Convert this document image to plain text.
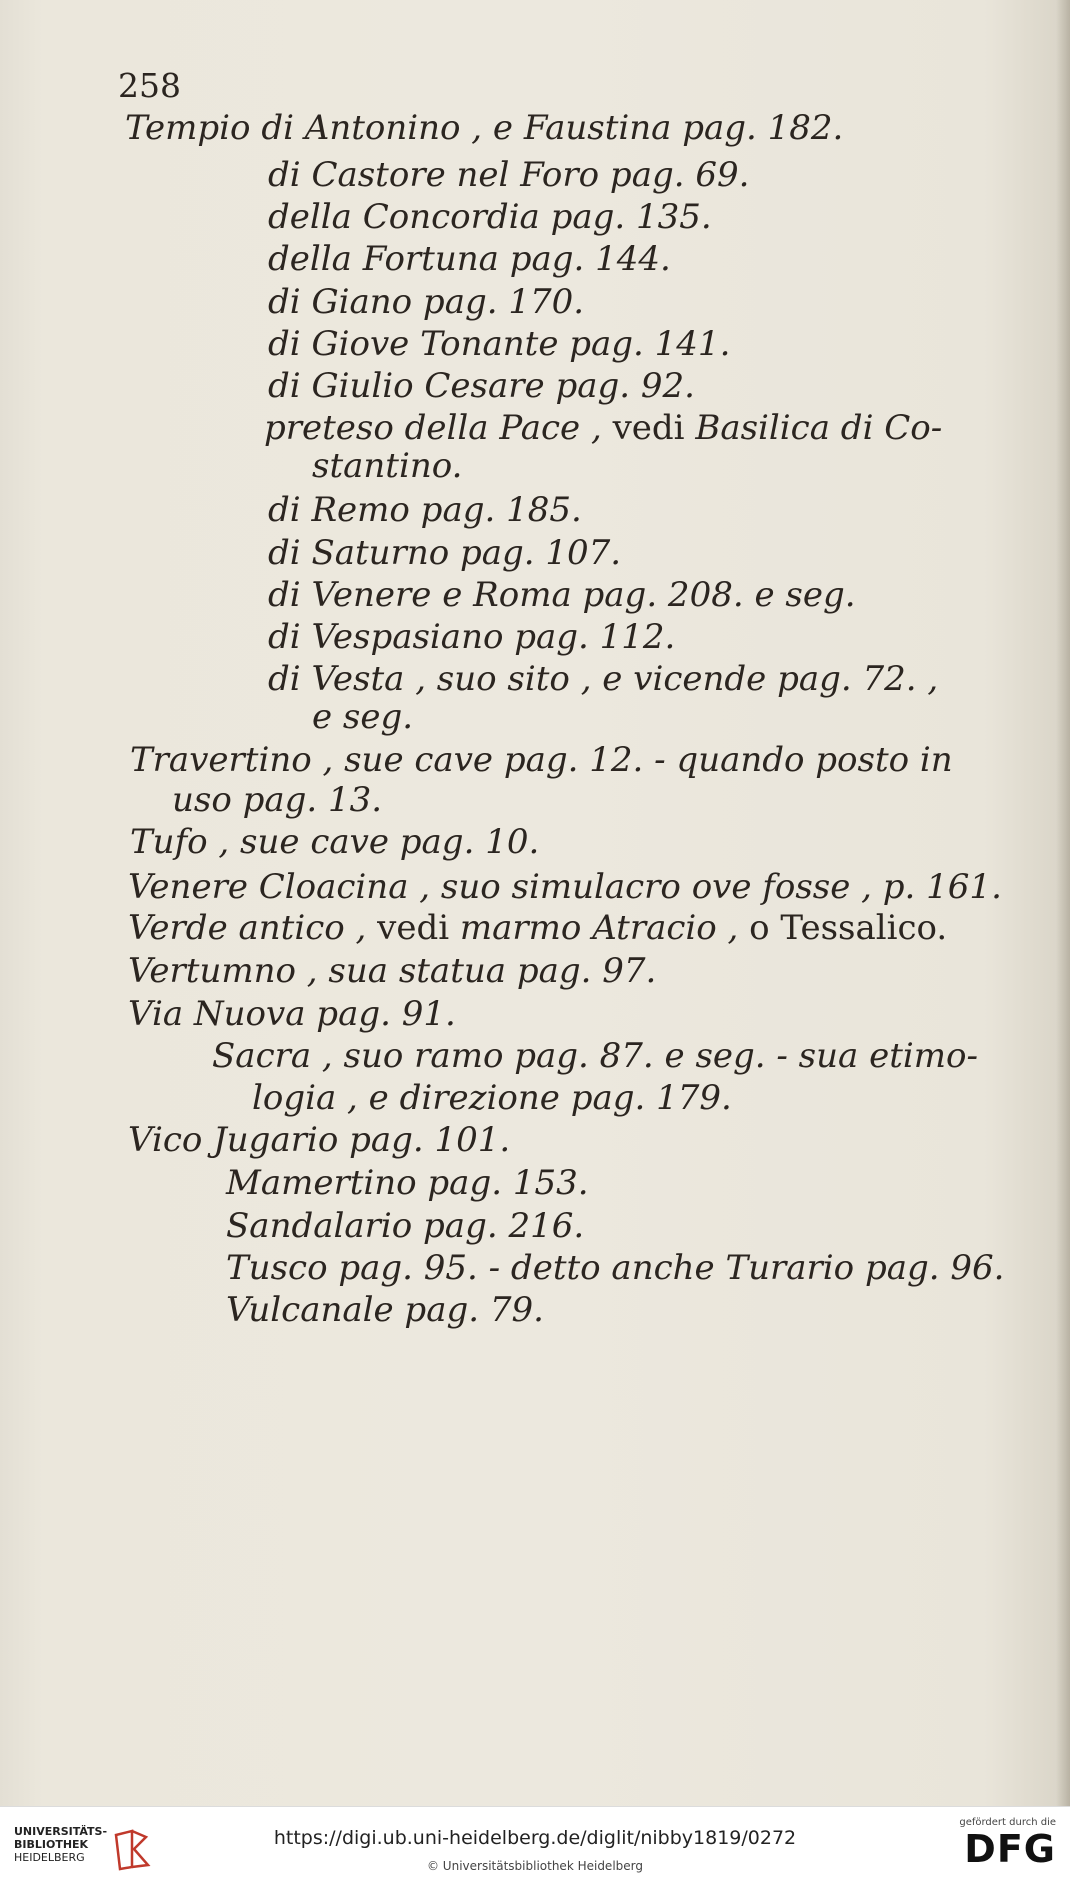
258
Tempio di Antonino , e Faustina pag. 182.
di Castore nel Foro pag. 69.
della Concordia pag. 135.
della Fortuna pag. 144.
di Giano pag. 170.
di Giove Tonante pag. 141.
di Giulio Cesare pag. 92.
preteso della Pace , vedi Basilica di Co-
stantino.
di Remo pag. 185.
di Saturno pag. 107.
di Venere e Roma pag. 208. e seg.
di Vespasiano pag. 112.
di Vesta , suo sito , e vicende pag. 72. ,
e seg.
Travertino , sue cave pag. 12. - quando posto in
uso pag. 13.
Tufo , sue cave pag. 10.
Venere Cloacina , suo simulacro ove fosse , p. 161.
Verde antico , vedi marmo Atracio , o Tessalico.
Vertumno , sua statua pag. 97.
Via Nuova pag. 91.
Sacra , suo ramo pag. 87. e seg. - sua etimo-
logia , e direzione pag. 179.
Vico Jugario pag. 101.
Mamertino pag. 153.
Sandalario pag. 216.
Tusco pag. 95. - detto anche Turario pag. 96.
Vulcanale pag. 79.
UNIVERSITÄTS-
BIBLIOTHEK
HEIDELBERG
https://digi.ub.uni-heidelberg.de/diglit/nibby1819/0272
© Universitätsbibliothek Heidelberg
gefördert durch die
DFG
